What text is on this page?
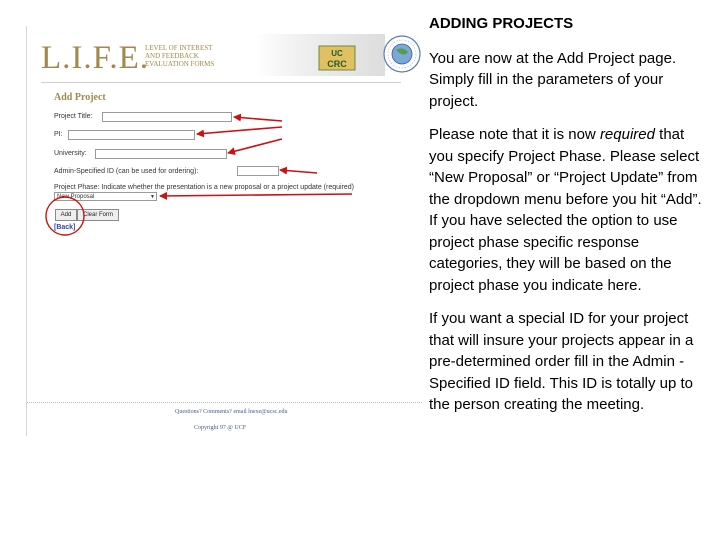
L.I.F.E.
LEVEL OF INTEREST
AND FEEDBACK
EVALUATION FORMS
UC
CRC
Add Project
Project Title:
PI:
University:
Admin-Specified ID (can be used for ordering):
Project Phase: Indicate whether the presentation is a new proposal or a project update (required)
New Proposal	▼
Add	Clear Form
[Back]
Questions? Comments? email lnexe@ucsc.edu
Copyright 97 @ UCF

ADDING PROJECTS

You are now at the Add Project page. Simply fill in the parameters of your project.

Please note that it is now required that you specify Project Phase. Please select “New Proposal” or “Project Update” from the dropdown menu before you hit “Add”. If you have selected the option to use project phase specific response categories, they will be based on the project phase you indicate here.

If you want a special ID for your project that will insure your projects appear in a pre-determined order fill in the Admin -Specified ID field. This ID is totally up to the person creating the meeting.
